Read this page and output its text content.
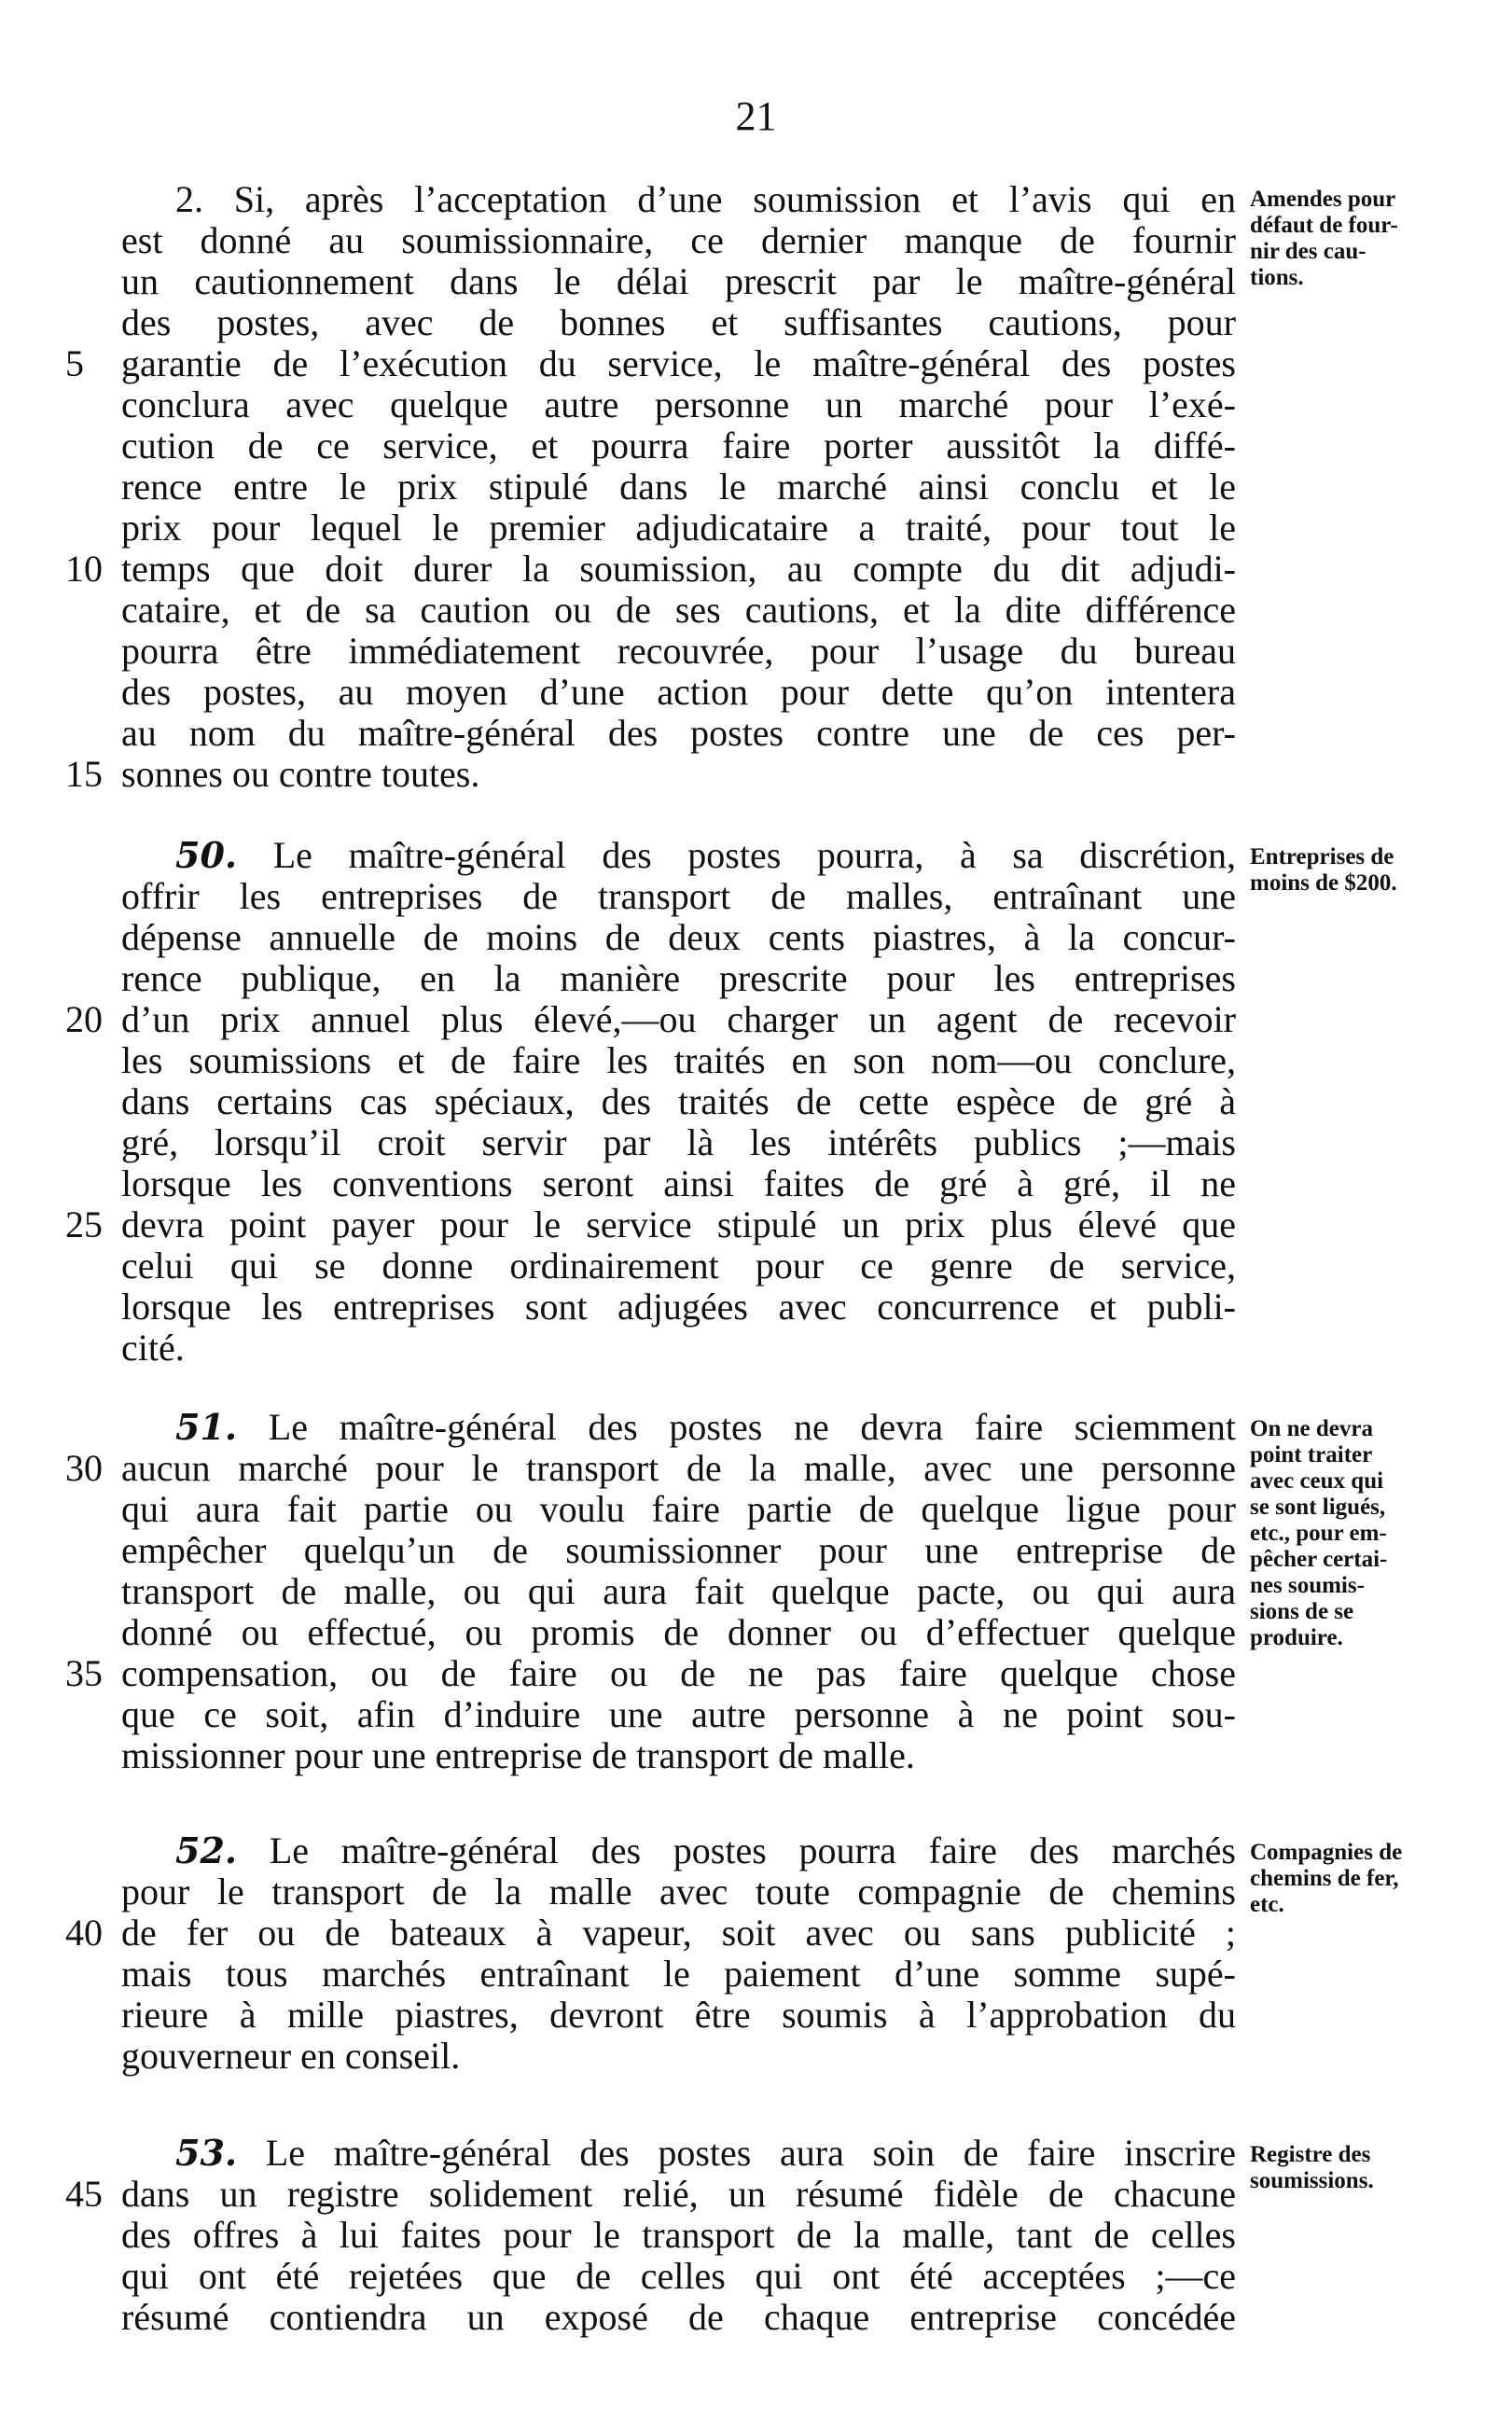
21
2. Si, après l’acceptation d’une soumission et l’avis qui en
est donné au soumissionnaire, ce dernier manque de fournir
un cautionnement dans le délai prescrit par le maître-général
des postes, avec de bonnes et suffisantes cautions, pour
5	garantie de l’exécution du service, le maître-général des postes
conclura avec quelque autre personne un marché pour l’exé-
cution de ce service, et pourra faire porter aussitôt la diffé-
rence entre le prix stipulé dans le marché ainsi conclu et le
prix pour lequel le premier adjudicataire a traité, pour tout le
10 temps que doit durer la soumission, au compte du dit adjudi-
cataire, et de sa caution ou de ses cautions, et la dite différence
pourra être immédiatement recouvrée, pour l’usage du bureau
des postes, au moyen d’une action pour dette qu’on intentera
au nom du maître-général des postes contre une de ces per-
15 sonnes ou contre toutes.
50. Le maître-général des postes pourra, à sa discrétion,
offrir les entreprises de transport de malles, entraînant une
dépense annuelle de moins de deux cents piastres, à la concur-
rence publique, en la manière prescrite pour les entreprises
20 d’un prix annuel plus élevé,—ou charger un agent de recevoir
les soumissions et de faire les traités en son nom—ou conclure,
dans certains cas spéciaux, des traités de cette espèce de gré à
gré, lorsqu’il croit servir par là les intérêts publics ;—mais
lorsque les conventions seront ainsi faites de gré à gré, il ne
25 devra point payer pour le service stipulé un prix plus élevé que
celui qui se donne ordinairement pour ce genre de service,
lorsque les entreprises sont adjugées avec concurrence et publi-
cité.
51. Le maître-général des postes ne devra faire sciemment
30 aucun marché pour le transport de la malle, avec une personne
qui aura fait partie ou voulu faire partie de quelque ligue pour
empêcher quelqu’un de soumissionner pour une entreprise de
transport de malle, ou qui aura fait quelque pacte, ou qui aura
donné ou effectué, ou promis de donner ou d’effectuer quelque
35 compensation, ou de faire ou de ne pas faire quelque chose
que ce soit, afin d’induire une autre personne à ne point sou-
missionner pour une entreprise de transport de malle.
52. Le maître-général des postes pourra faire des marchés
pour le transport de la malle avec toute compagnie de chemins
40 de fer ou de bateaux à vapeur, soit avec ou sans publicité ;
mais tous marchés entraînant le paiement d’une somme supé-
rieure à mille piastres, devront être soumis à l’approbation du
gouverneur en conseil.
53. Le maître-général des postes aura soin de faire inscrire
45 dans un registre solidement relié, un résumé fidèle de chacune
des offres à lui faites pour le transport de la malle, tant de celles
qui ont été rejetées que de celles qui ont été acceptées ;—ce
résumé contiendra un exposé de chaque entreprise concédée
Amendes pour
défaut de four-
nir des cau-
tions.
Entreprises de
moins de $200.
On ne devra
point traiter
avec ceux qui
se sont ligués,
etc., pour em-
pêcher certai-
nes soumis-
sions de se
produire.
Compagnies de
chemins de fer,
etc.
Registre des
soumissions.
